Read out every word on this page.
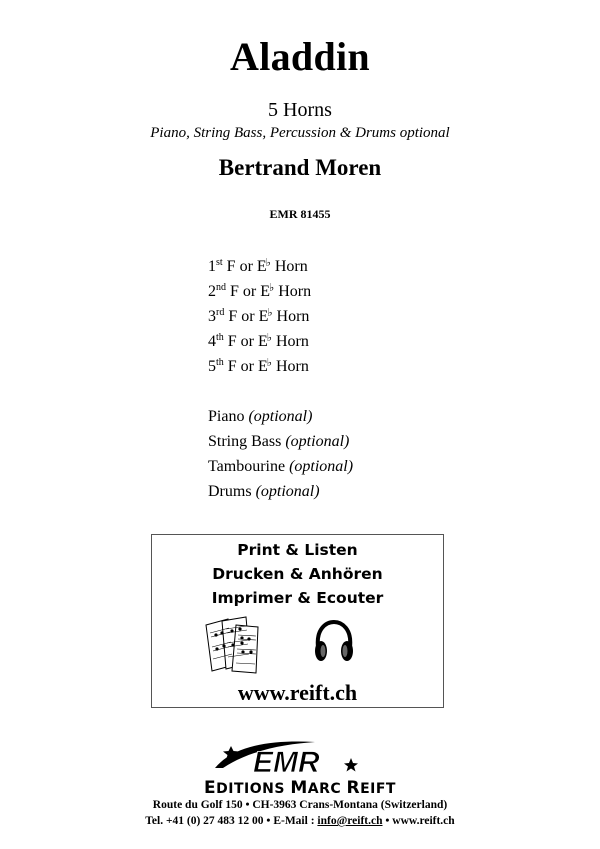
Aladdin
5 Horns
Piano, String Bass, Percussion & Drums optional
Bertrand Moren
EMR 81455
1st F or E♭ Horn
2nd F or E♭ Horn
3rd F or E♭ Horn
4th F or E♭ Horn
5th F or E♭ Horn
Piano (optional)
String Bass (optional)
Tambourine (optional)
Drums (optional)
Print & Listen
Drucken & Anhören
Imprimer & Ecouter
www.reift.ch
EMR
EDITIONS MARC REIFT
Route du Golf 150 • CH-3963 Crans-Montana (Switzerland)
Tel. +41 (0) 27 483 12 00 • E-Mail : info@reift.ch • www.reift.ch
